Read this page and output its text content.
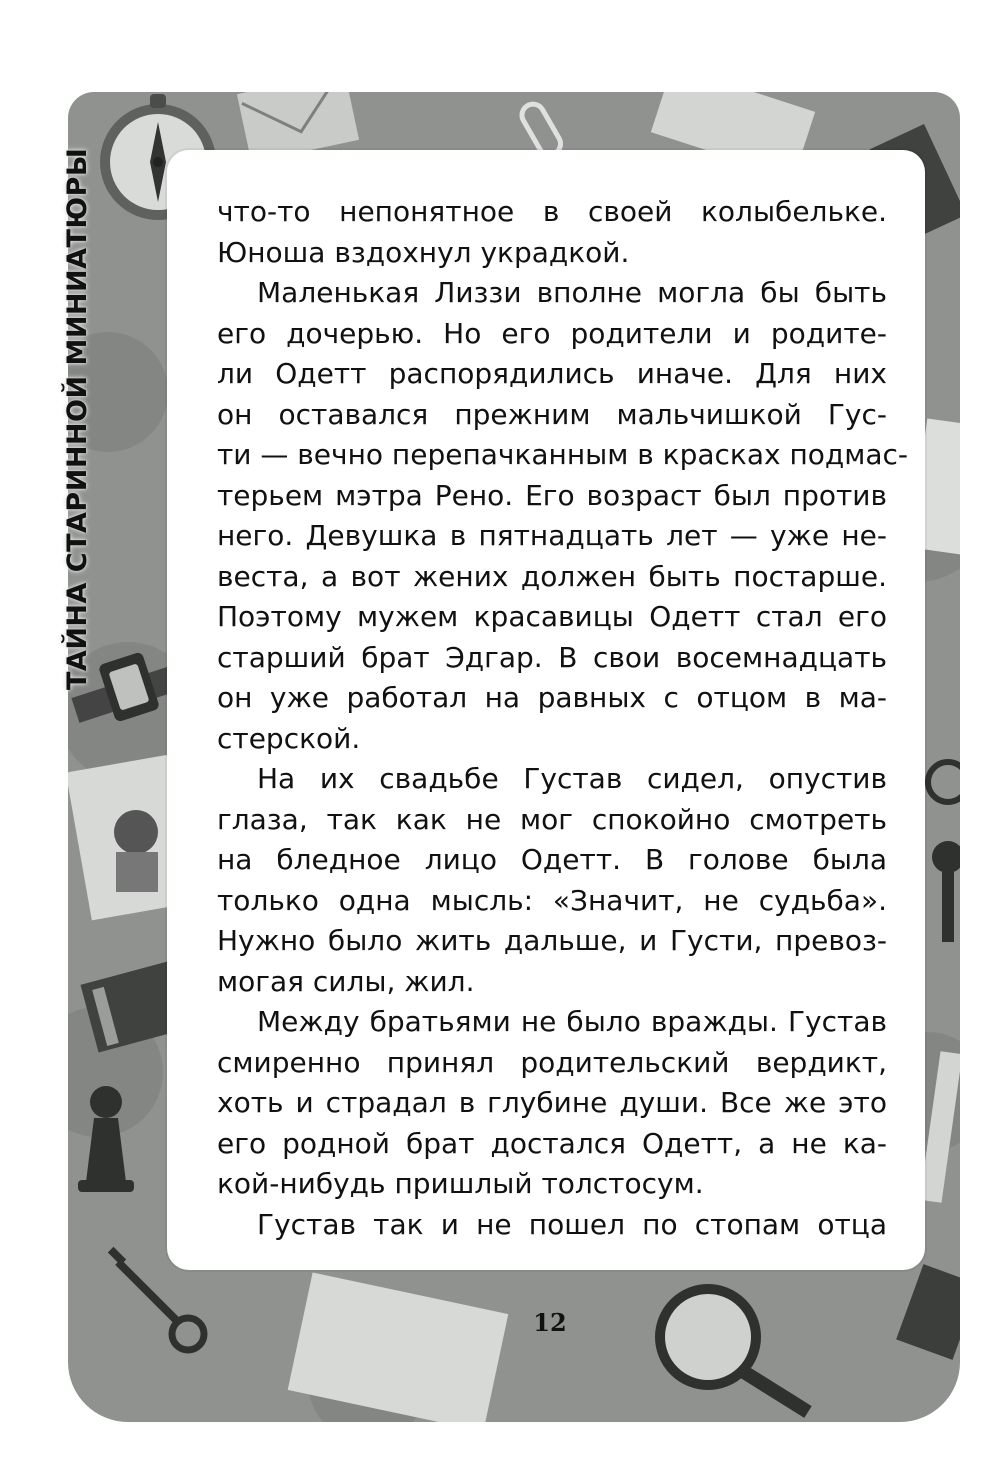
ТАЙНА СТАРИННОЙ МИНИАТЮРЫ	что-то непонятное в своей колыбельке.
Юноша вздохнул украдкой.
Маленькая Лиззи вполне могла бы быть
его дочерью. Но его родители и родите-
ли Одетт распорядились иначе. Для них
он оставался прежним мальчишкой Гус-
ти — вечно перепачканным в красках подмас-
терьем мэтра Рено. Его возраст был против
него. Девушка в пятнадцать лет — уже не-
веста, а вот жених должен быть постарше.
Поэтому мужем красавицы Одетт стал его
старший брат Эдгар. В свои восемнадцать
он уже работал на равных с отцом в ма-
стерской.
На их свадьбе Густав сидел, опустив
глаза, так как не мог спокойно смотреть
на бледное лицо Одетт. В голове была
только одна мысль: «Значит, не судьба».
Нужно было жить дальше, и Густи, превоз-
могая силы, жил.
Между братьями не было вражды. Густав
смиренно принял родительский вердикт,
хоть и страдал в глубине души. Все же это
его родной брат достался Одетт, а не ка-
кой-нибудь пришлый толстосум.
Густав так и не пошел по стопам отца
12
